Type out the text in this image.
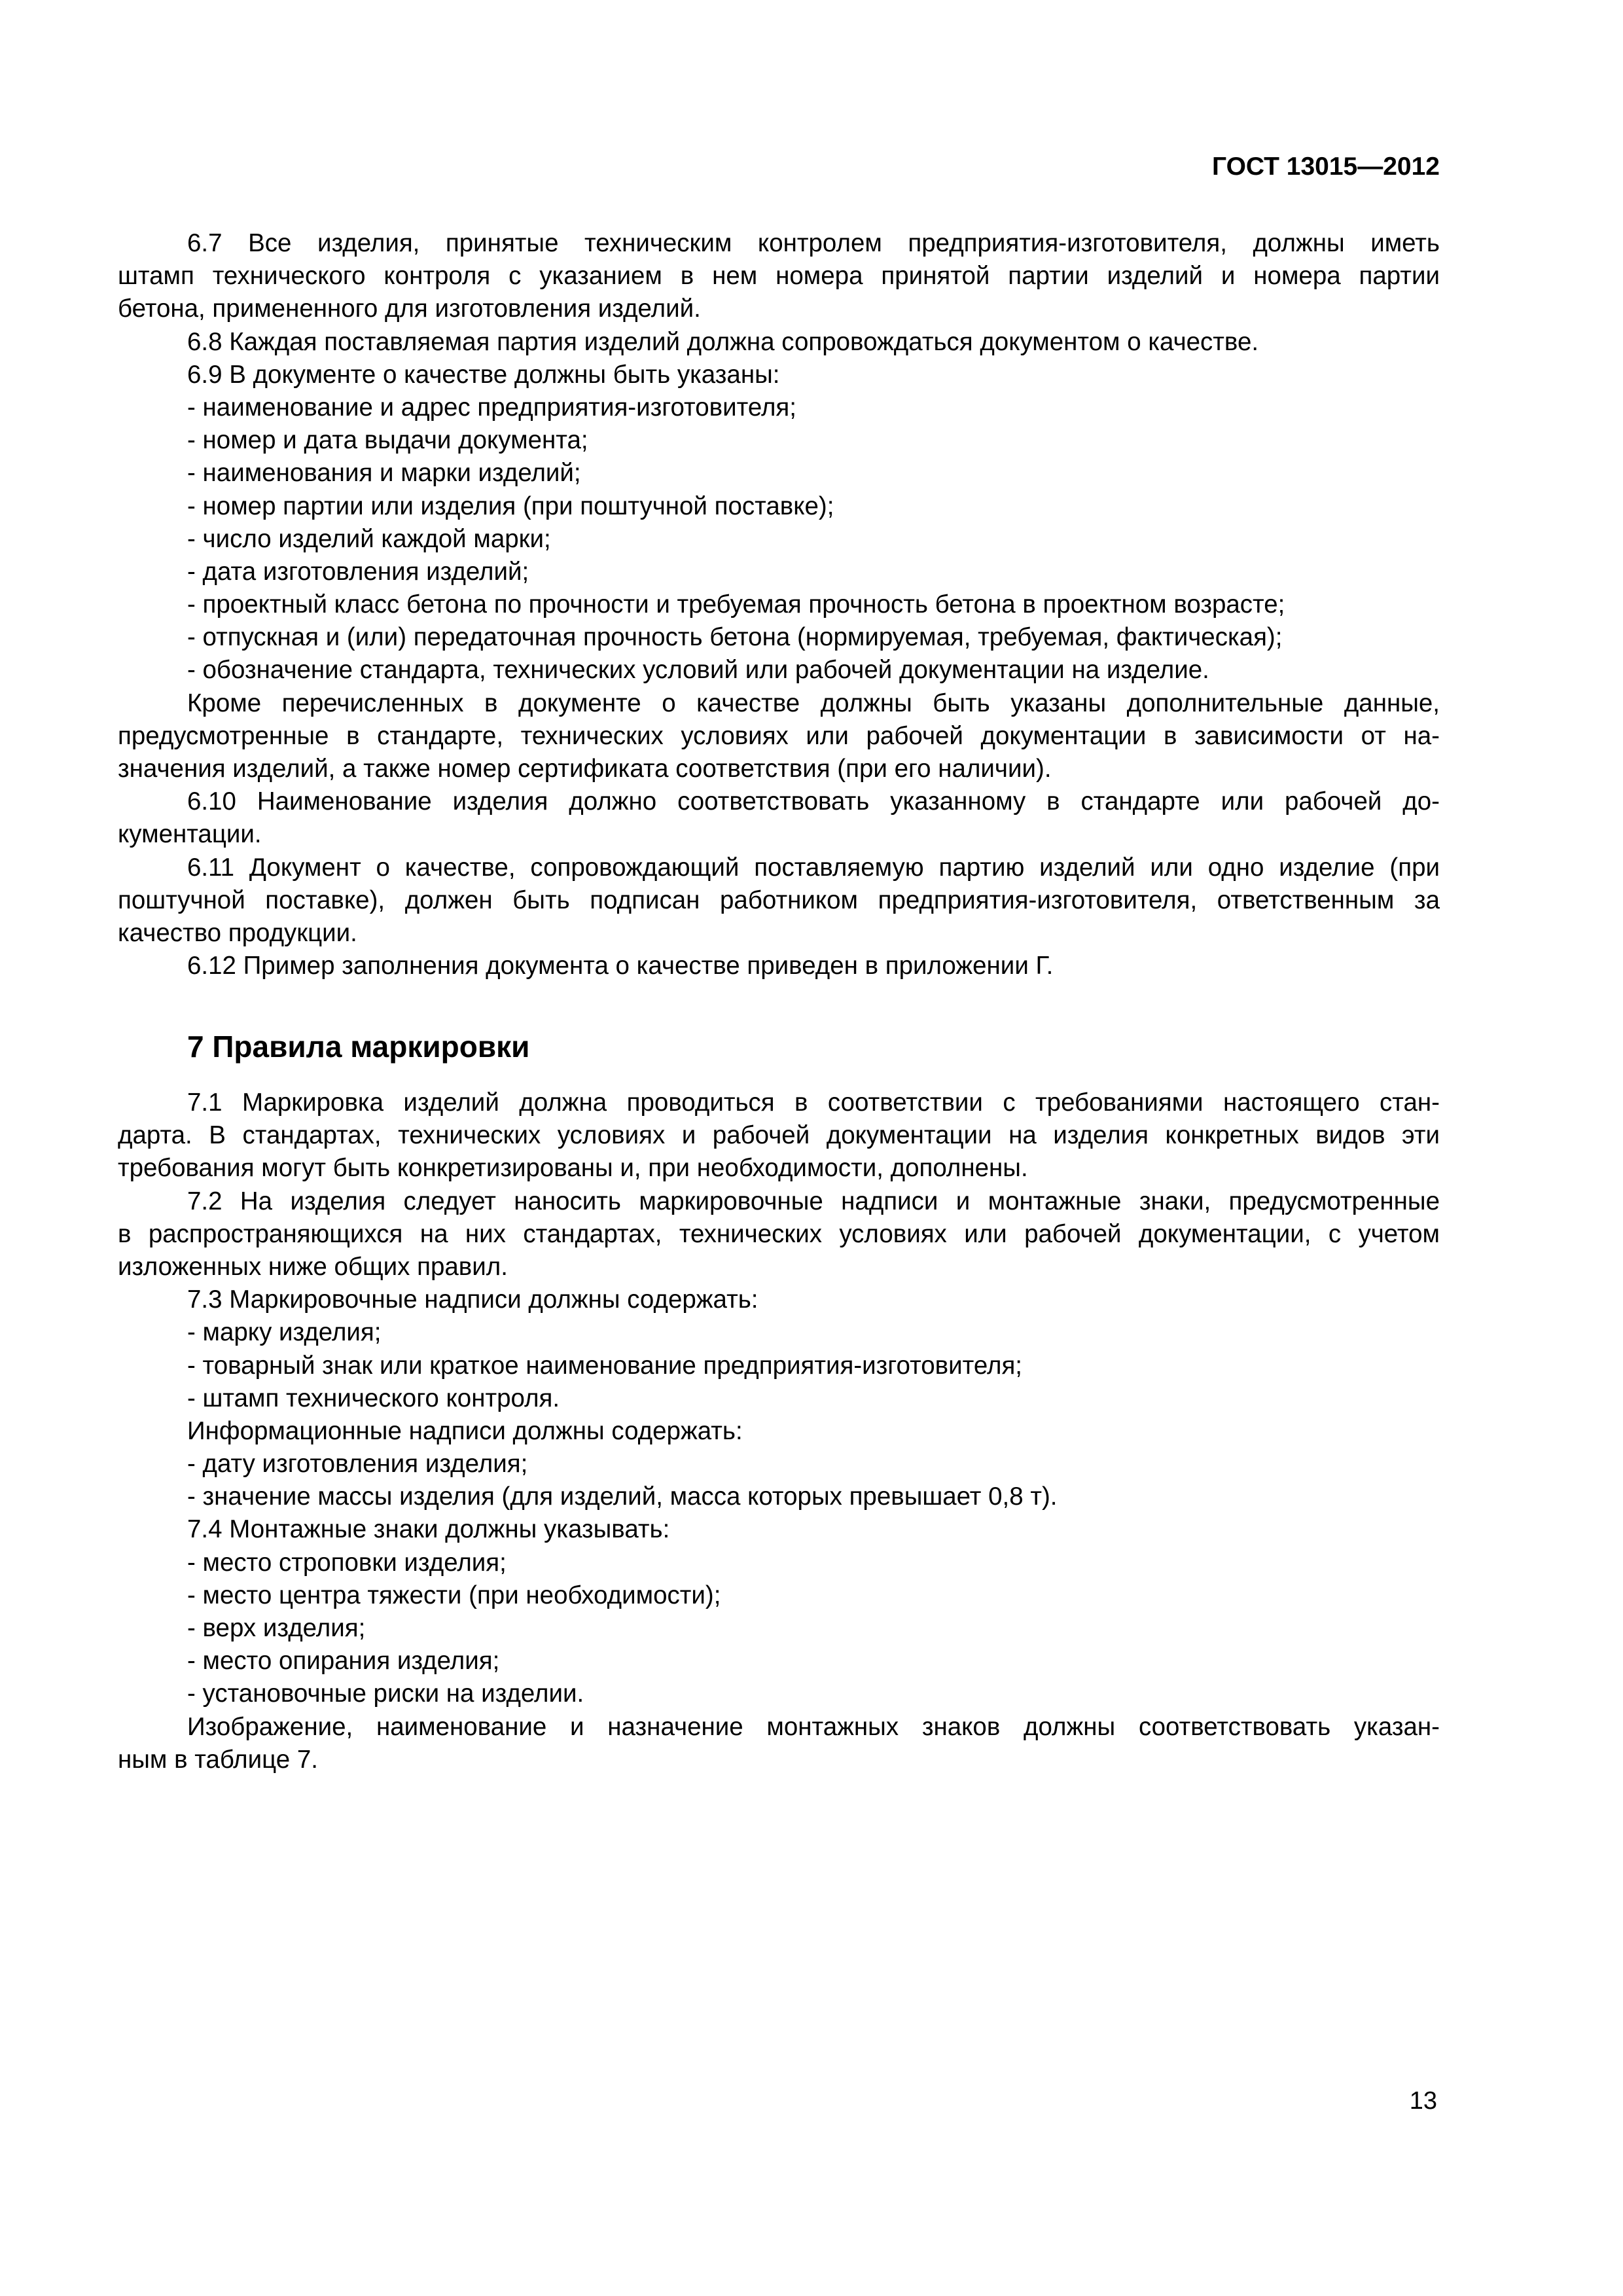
ГОСТ 13015—2012
6.7 Все изделия, принятые техническим контролем предприятия-изготовителя, должны иметь
штамп технического контроля с указанием в нем номера принятой партии изделий и номера партии
бетона, примененного для изготовления изделий.
6.8 Каждая поставляемая партия изделий должна сопровождаться документом о качестве.
6.9 В документе о качестве должны быть указаны:
- наименование и адрес предприятия-изготовителя;
- номер и дата выдачи документа;
- наименования и марки изделий;
- номер партии или изделия (при поштучной поставке);
- число изделий каждой марки;
- дата изготовления изделий;
- проектный класс бетона по прочности и требуемая прочность бетона в проектном возрасте;
- отпускная и (или) передаточная прочность бетона (нормируемая, требуемая, фактическая);
- обозначение стандарта, технических условий или рабочей документации на изделие.
Кроме перечисленных в документе о качестве должны быть указаны дополнительные данные,
предусмотренные в стандарте, технических условиях или рабочей документации в зависимости от на-
значения изделий, а также номер сертификата соответствия (при его наличии).
6.10 Наименование изделия должно соответствовать указанному в стандарте или рабочей до-
кументации.
6.11 Документ о качестве, сопровождающий поставляемую партию изделий или одно изделие (при
поштучной поставке), должен быть подписан работником предприятия-изготовителя, ответственным за
качество продукции.
6.12 Пример заполнения документа о качестве приведен в приложении Г.
7 Правила маркировки
7.1 Маркировка изделий должна проводиться в соответствии с требованиями настоящего стан-
дарта. В стандартах, технических условиях и рабочей документации на изделия конкретных видов эти
требования могут быть конкретизированы и, при необходимости, дополнены.
7.2 На изделия следует наносить маркировочные надписи и монтажные знаки, предусмотренные
в распространяющихся на них стандартах, технических условиях или рабочей документации, с учетом
изложенных ниже общих правил.
7.3 Маркировочные надписи должны содержать:
- марку изделия;
- товарный знак или краткое наименование предприятия-изготовителя;
- штамп технического контроля.
Информационные надписи должны содержать:
- дату изготовления изделия;
- значение массы изделия (для изделий, масса которых превышает 0,8 т).
7.4 Монтажные знаки должны указывать:
- место строповки изделия;
- место центра тяжести (при необходимости);
- верх изделия;
- место опирания изделия;
- установочные риски на изделии.
Изображение, наименование и назначение монтажных знаков должны соответствовать указан-
ным в таблице 7.
13
